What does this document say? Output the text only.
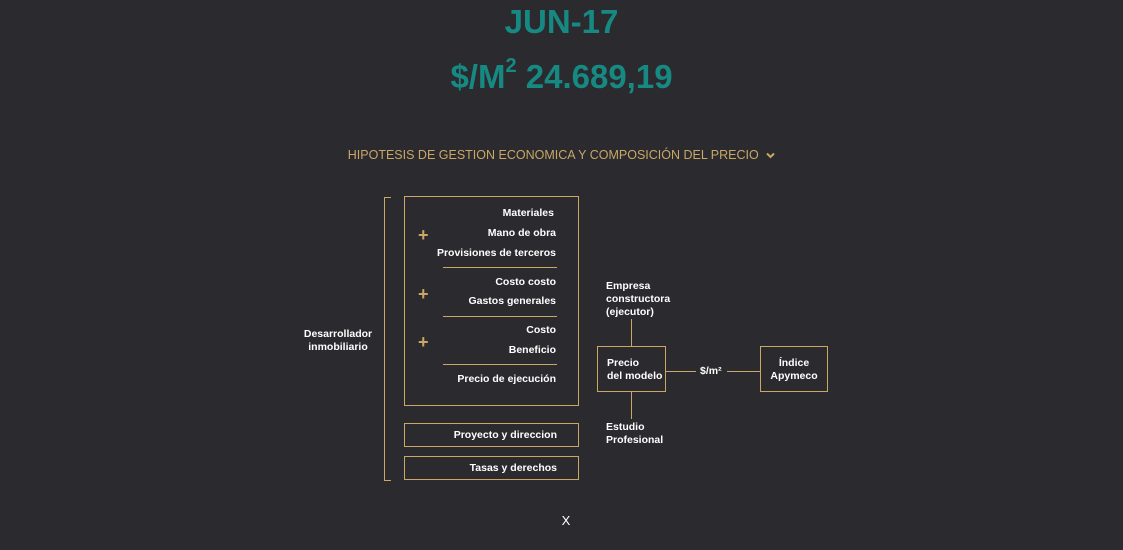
JUN-17
$\$/M^2$ 24.689,19
HIPOTESIS DE GESTION ECONOMICA Y COMPOSICIÓN DEL PRECIO
Desarrollador
inmobiliario
Materiales
Mano de obra
Provisiones de terceros
+
Costo costo
Gastos generales
+
Costo
Beneficio
+
Precio de ejecución
Proyecto y direccion
Tasas y derechos
Empresa
constructora
(ejecutor)
Precio
del modelo	$/m²
Índice
Apymeco
Estudio
Profesional
X
